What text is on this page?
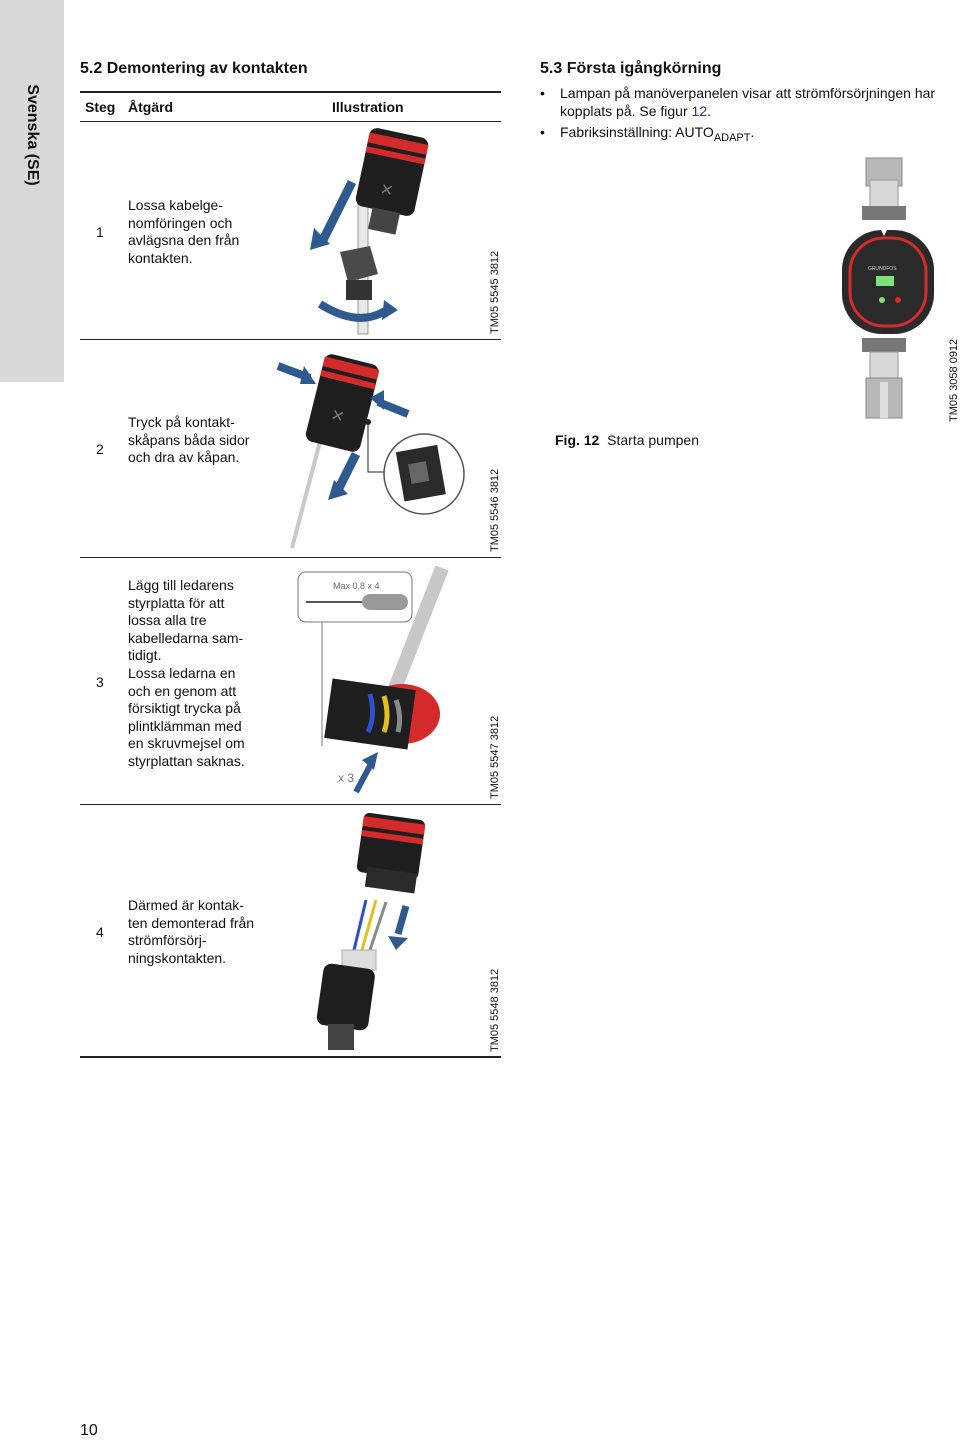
Svenska (SE)
5.2 Demontering av kontakten
Steg Åtgärd	Illustration
1
Lossa kabelge-
nomföringen och avlägsna den från kontakten.
✕
TM05 5545 3812
2
Tryck på kontakt-
skåpans båda sidor och dra av kåpan.
✕
TM05 5546 3812
3
Lägg till ledarens styrplatta för att lossa alla tre kabelledarna sam-
tidigt.
Lossa ledarna en och en genom att försiktigt trycka på plintklämman med en skruvmejsel om styrplattan saknas.
Max 0,8 x 4
x 3	TM05 5547 3812
4
Därmed är kontak-
ten demonterad från strömförsörj-
ningskontakten.
TM05 5548 3812
5.3 Första igångkörning
• Lampan på manöverpanelen visar att strömförsörjningen har kopplats på. Se figur 12.
• Fabriksinställning: $AUTO_{ADAPT}$.
GRUNDFOS
TM05 3058 0912
Fig. 12 Starta pumpen
10
